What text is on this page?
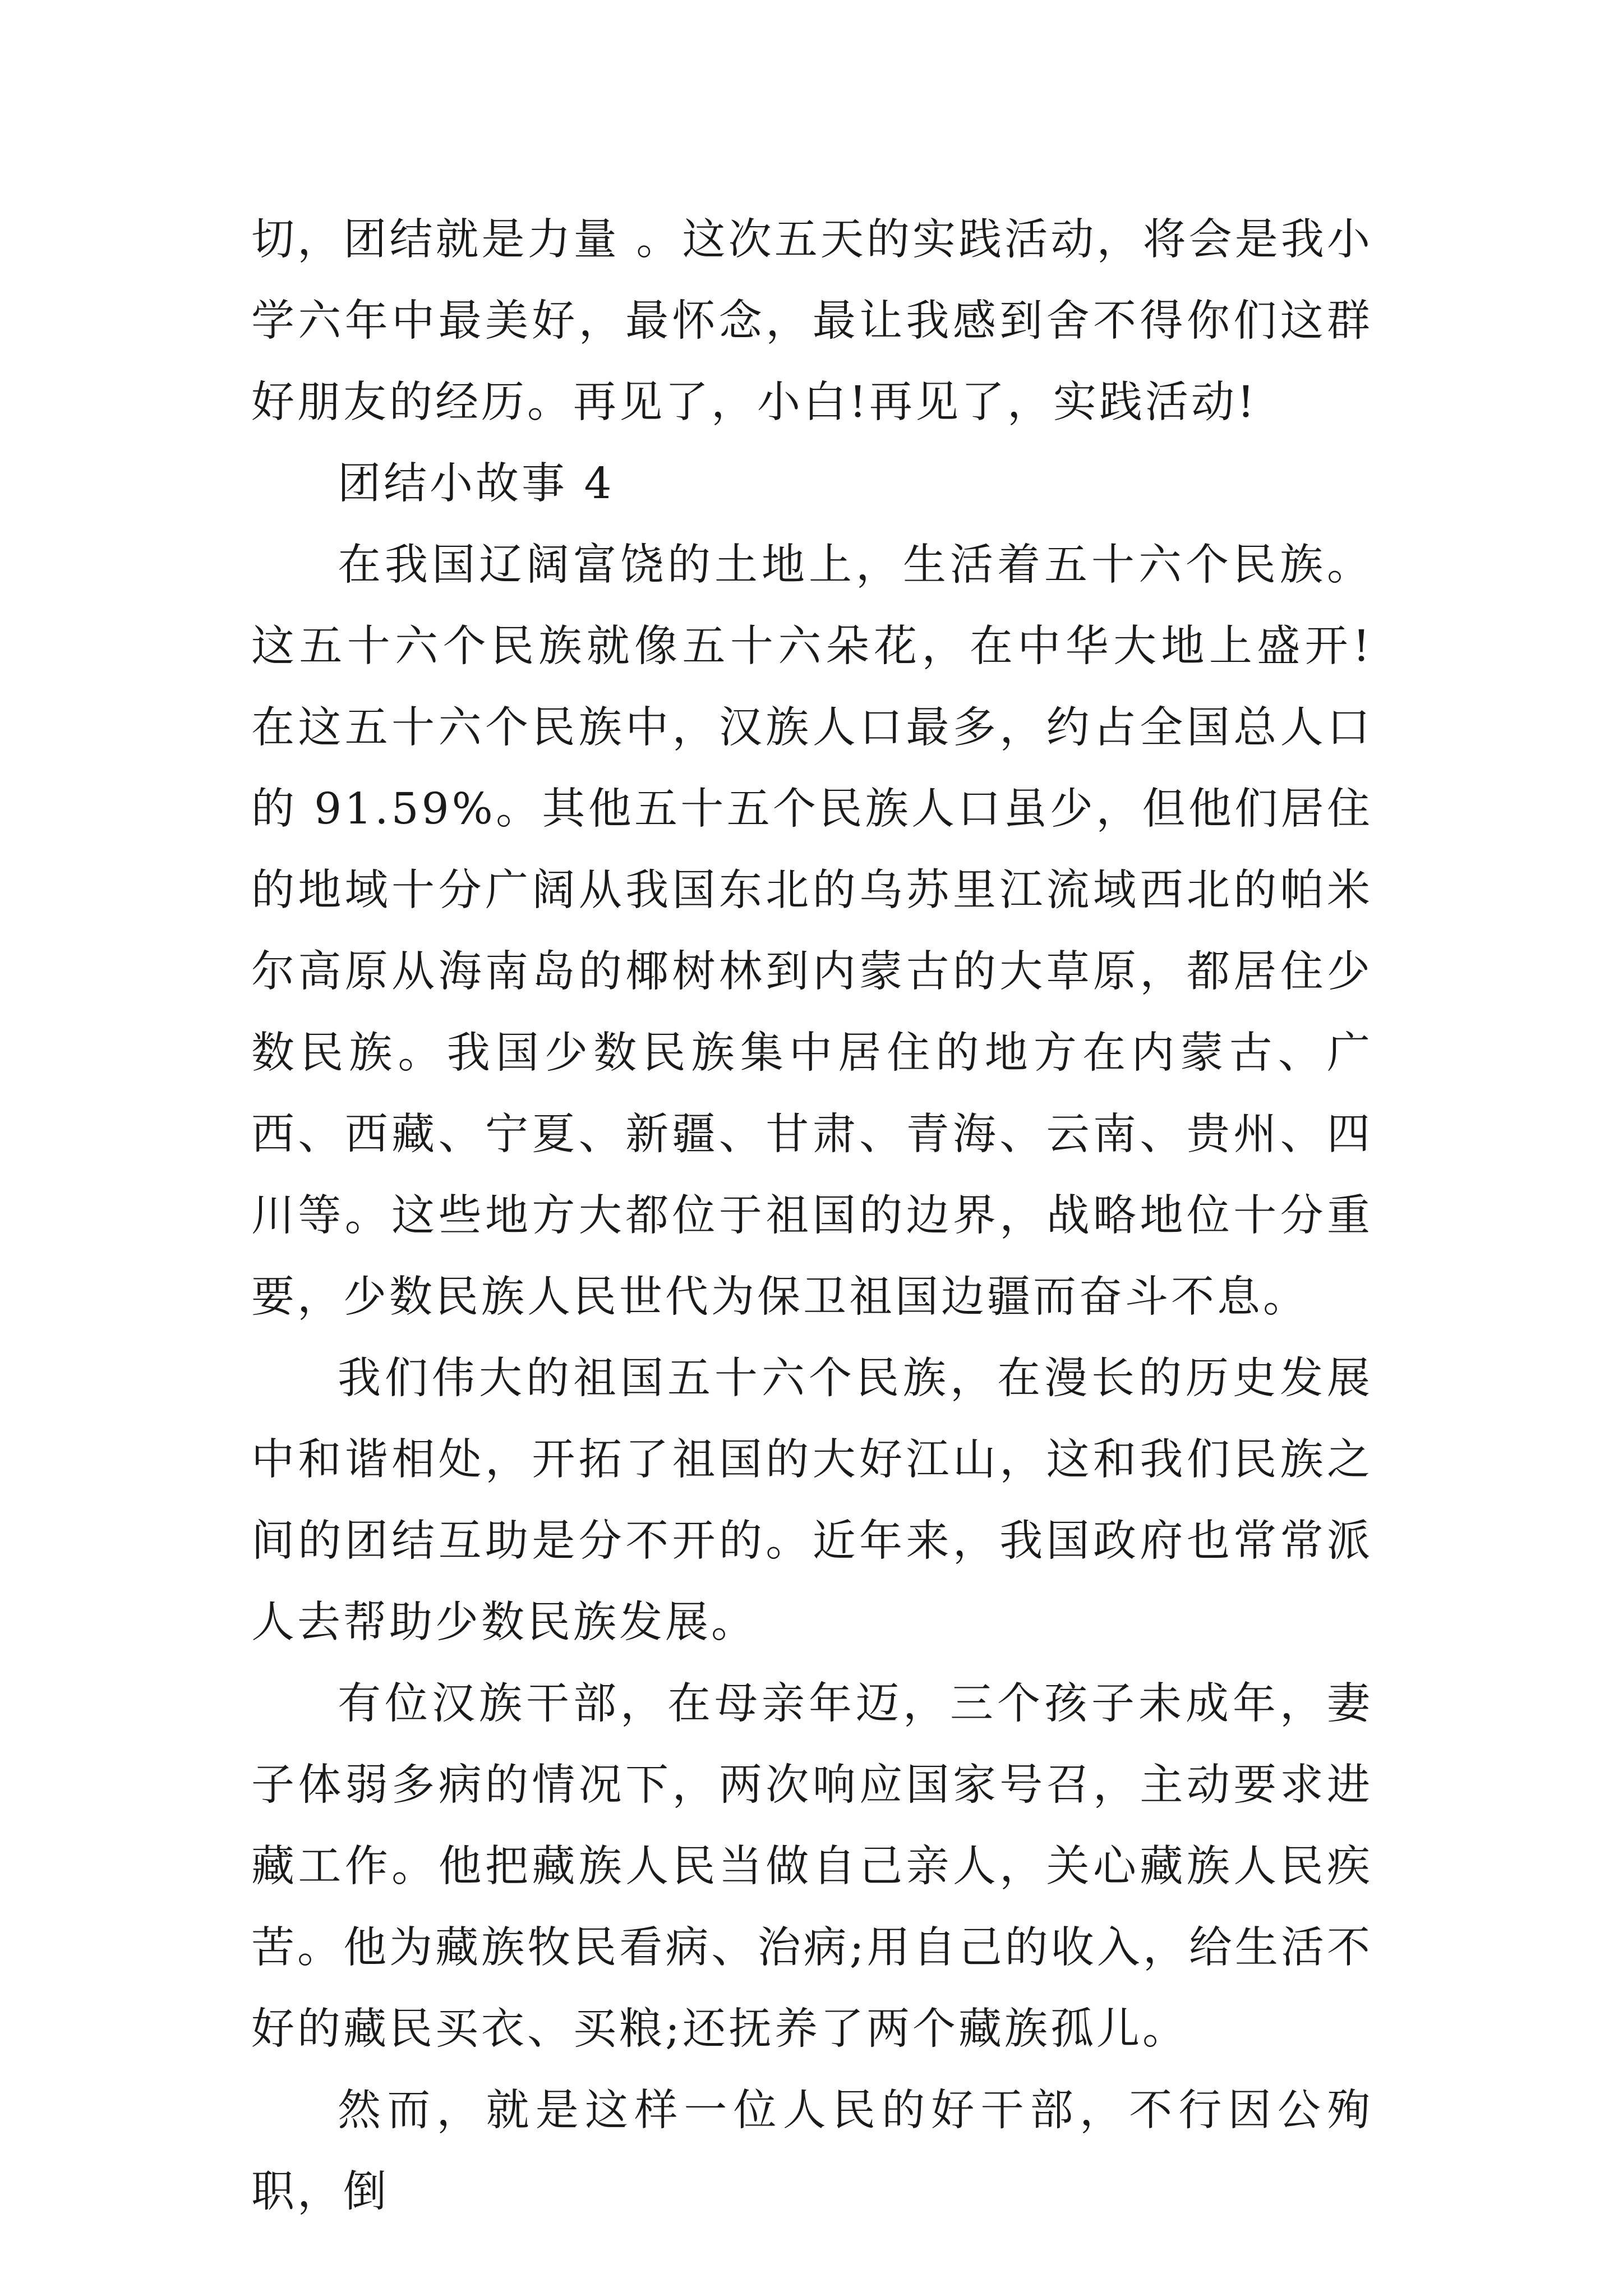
切，团结就是力量 。这次五天的实践活动，将会是我小学六年中最美好，最怀念，最让我感到舍不得你们这群好朋友的经历。再见了，小白!再见了，实践活动!

团结小故事 4

在我国辽阔富饶的土地上，生活着五十六个民族。这五十六个民族就像五十六朵花，在中华大地上盛开!在这五十六个民族中，汉族人口最多，约占全国总人口的 91.59%。其他五十五个民族人口虽少，但他们居住的地域十分广阔从我国东北的乌苏里江流域西北的帕米尔高原从海南岛的椰树林到内蒙古的大草原，都居住少数民族。我国少数民族集中居住的地方在内蒙古、广西、西藏、宁夏、新疆、甘肃、青海、云南、贵州、四川等。这些地方大都位于祖国的边界，战略地位十分重要，少数民族人民世代为保卫祖国边疆而奋斗不息。

我们伟大的祖国五十六个民族，在漫长的历史发展中和谐相处，开拓了祖国的大好江山，这和我们民族之间的团结互助是分不开的。近年来，我国政府也常常派人去帮助少数民族发展。

有位汉族干部，在母亲年迈，三个孩子未成年，妻子体弱多病的情况下，两次响应国家号召，主动要求进藏工作。他把藏族人民当做自己亲人，关心藏族人民疾苦。他为藏族牧民看病、治病;用自己的收入，给生活不好的藏民买衣、买粮;还抚养了两个藏族孤儿。

然而，就是这样一位人民的好干部，不行因公殉职，倒
